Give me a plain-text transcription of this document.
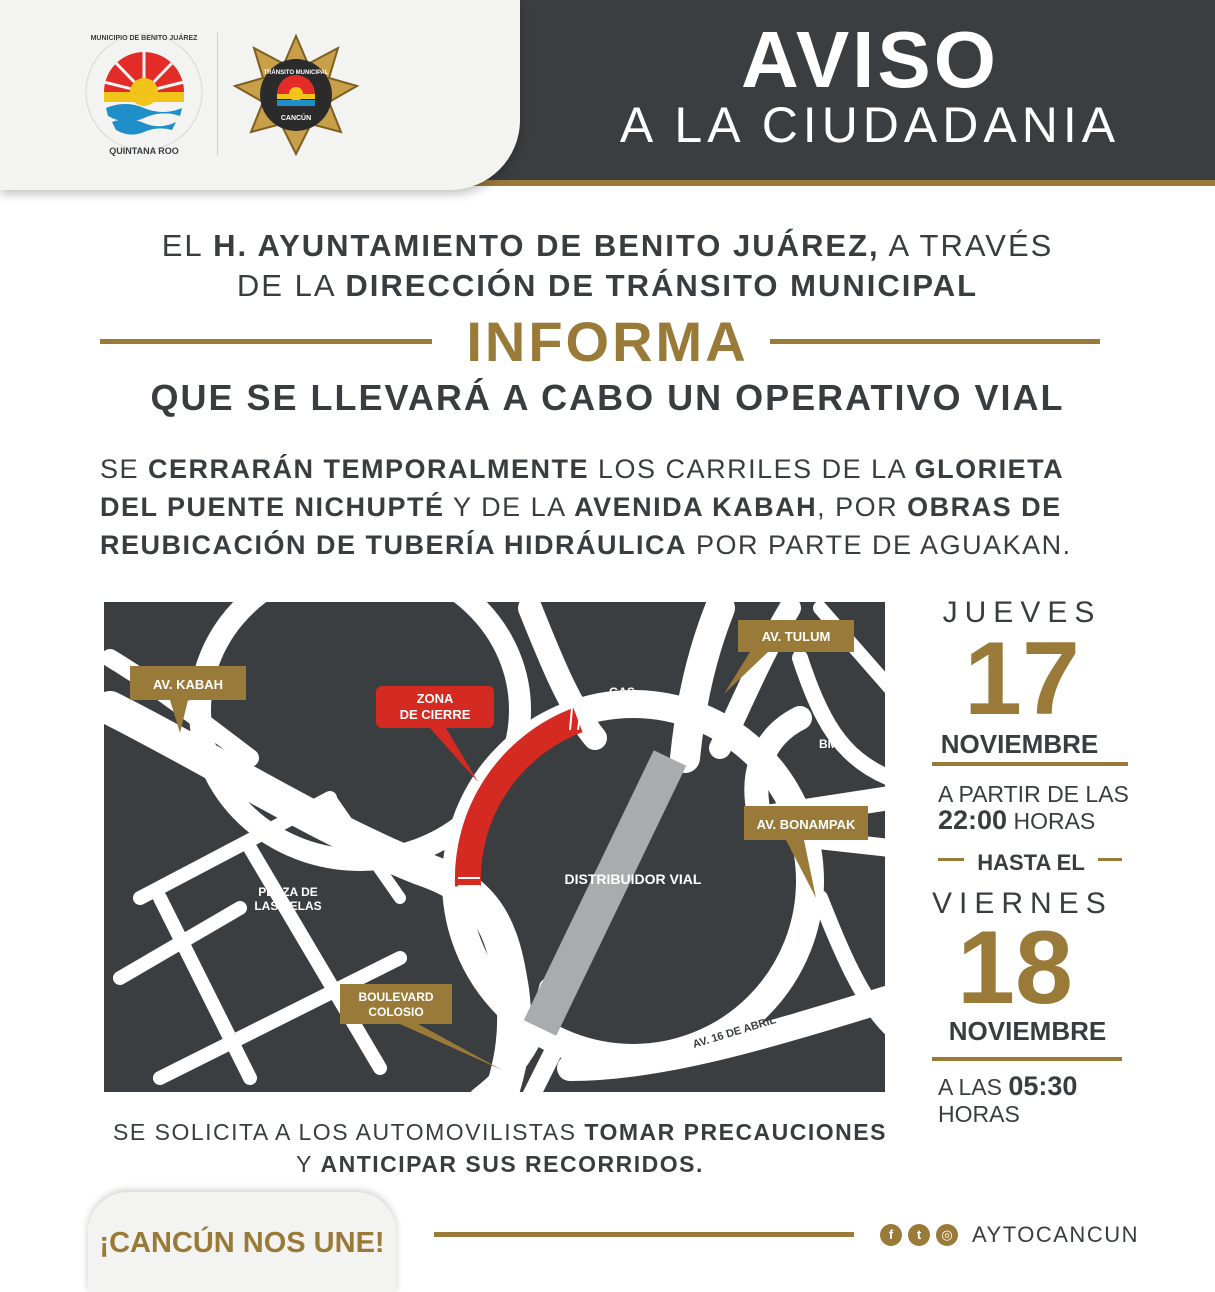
QUINTANA ROO
MUNICIPIO DE BENITO JUÁREZ
TRÁNSITO MUNICIPAL
CANCÚN
AVISO
A LA CIUDADANIA
EL H. AYUNTAMIENTO DE BENITO JUÁREZ, A TRAVÉS
DE LA DIRECCIÓN DE TRÁNSITO MUNICIPAL
INFORMA
QUE SE LLEVARÁ A CABO UN OPERATIVO VIAL
SE CERRARÁN TEMPORALMENTE LOS CARRILES DE LA GLORIETA DEL PUENTE NICHUPTÉ Y DE LA AVENIDA KABAH, POR OBRAS DE REUBICACIÓN DE TUBERÍA HIDRÁULICA POR PARTE DE AGUAKAN.
AV. KABAH
AV. TULUM
ZONA
DE CIERRE
AV. BONAMPAK
BOULEVARD
COLOSIO
AV. KABAH
GAS
BMW
DISTRIBUIDOR VIAL
PLAZA DE
LAS VELAS
AV. 16 DE ABRIL
JUEVES
17
NOVIEMBRE
A PARTIR DE LAS
22:00 HORAS
HASTA EL
VIERNES
18
NOVIEMBRE
A LAS 05:30
HORAS
SE SOLICITA A LOS AUTOMOVILISTAS TOMAR PRECAUCIONES
Y ANTICIPAR SUS RECORRIDOS.
¡CANCÚN NOS UNE!	f	t	◎ AYTOCANCUN
